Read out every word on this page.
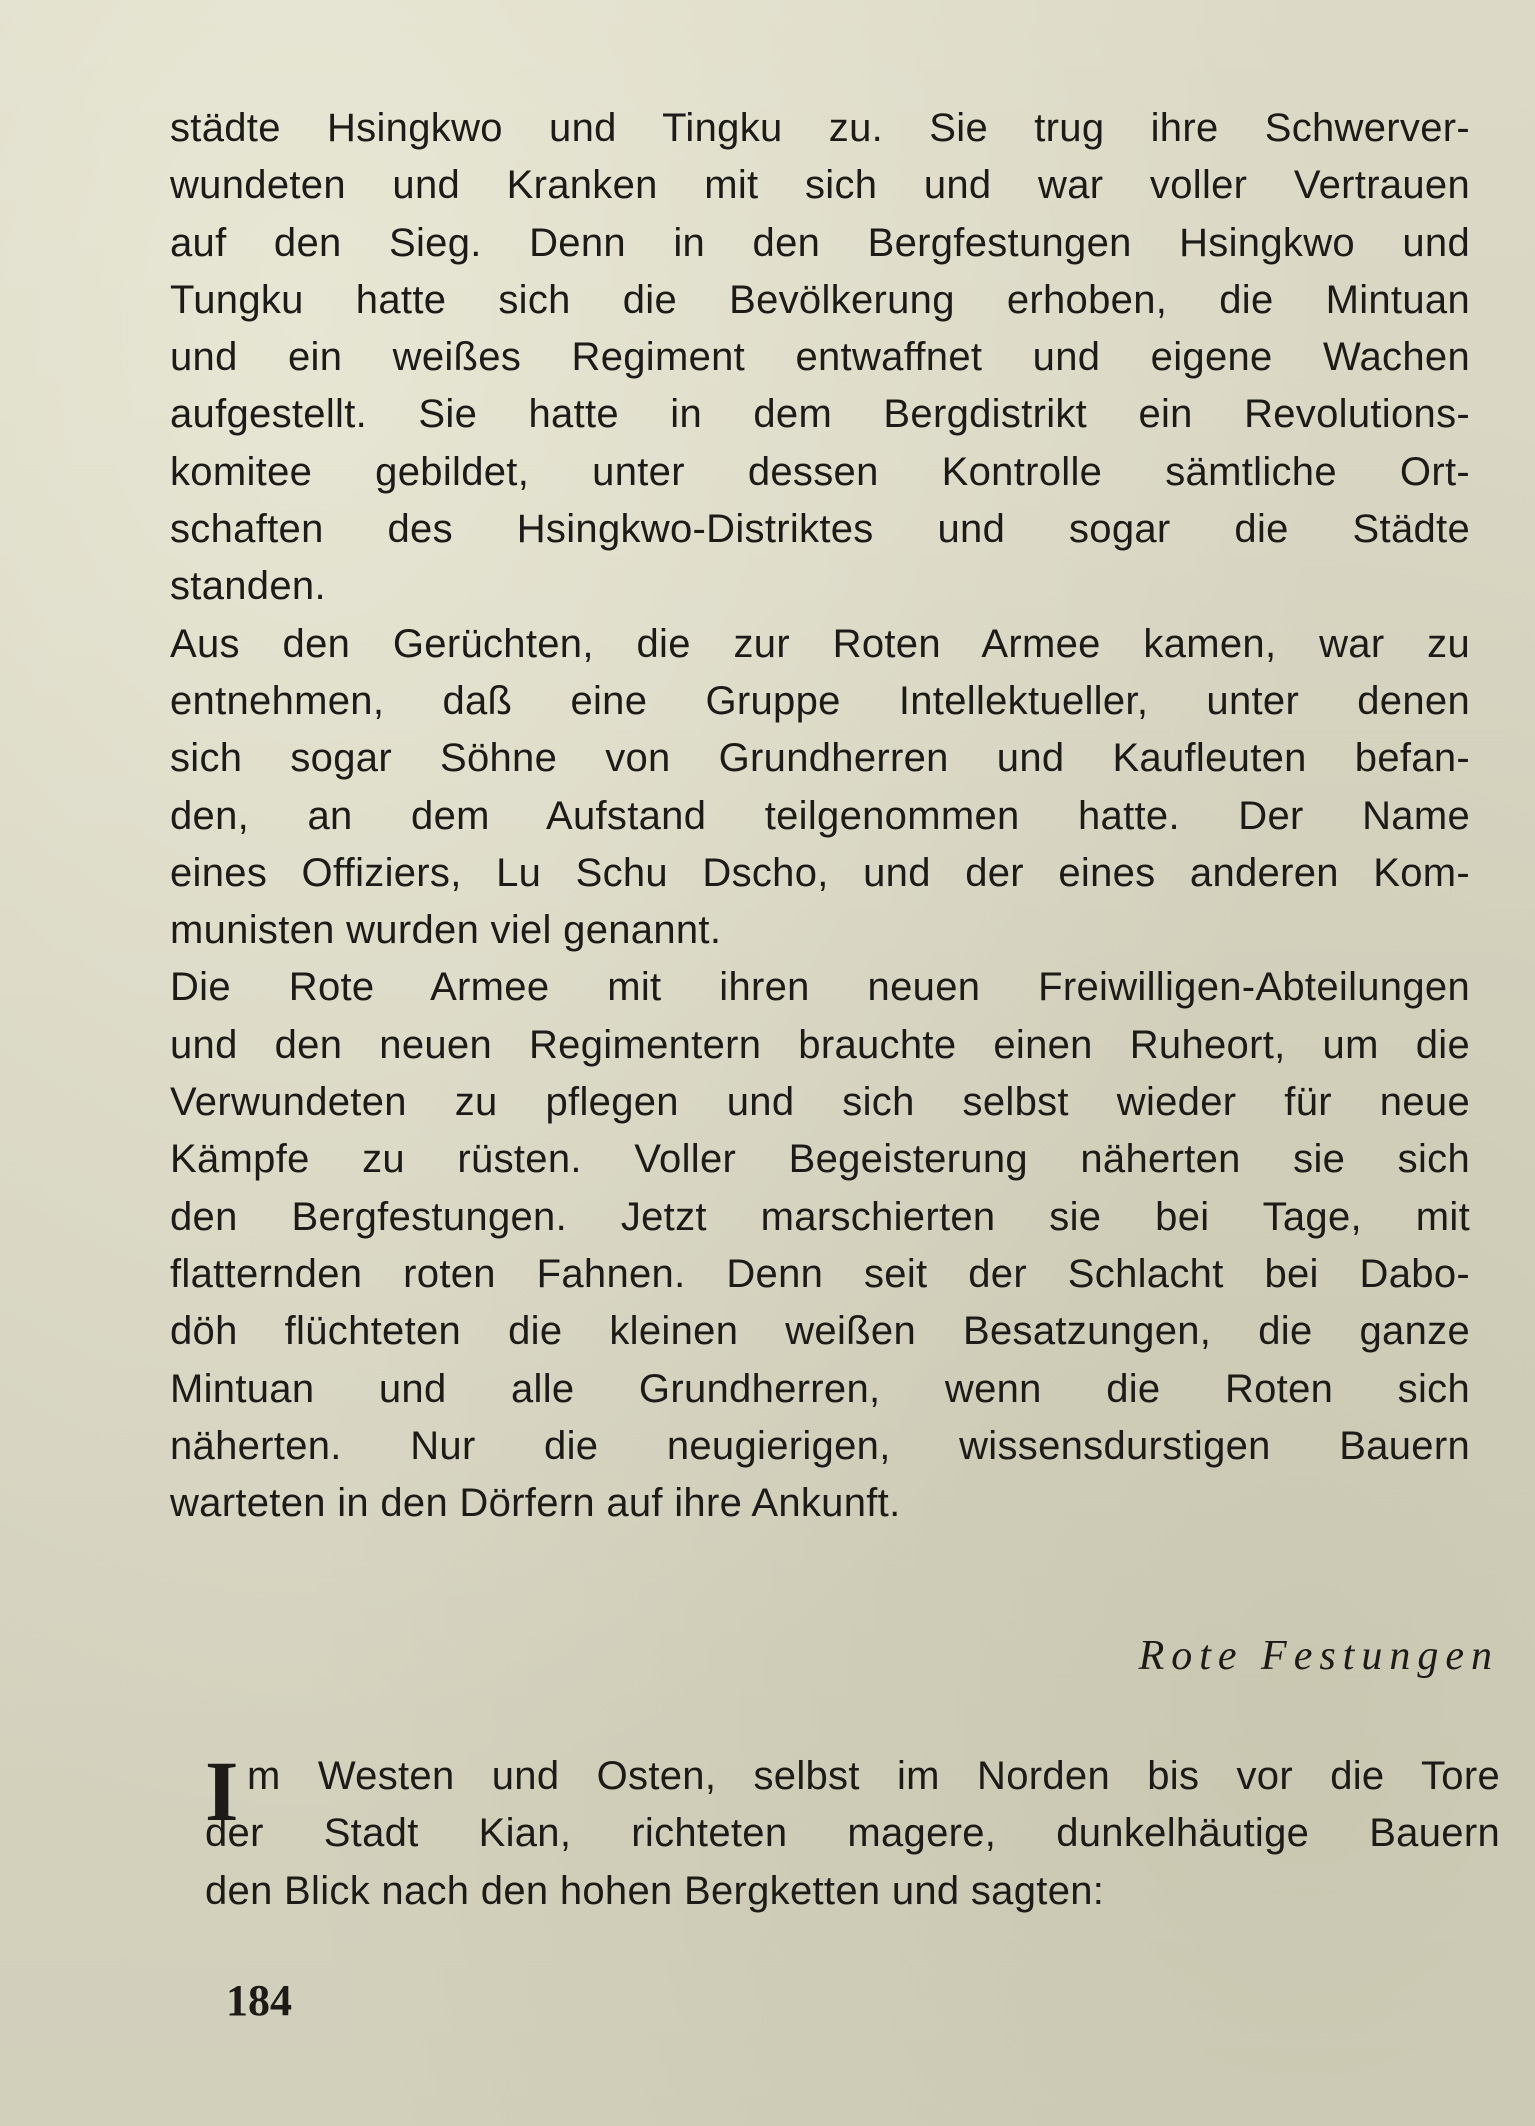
städte Hsingkwo und Tingku zu. Sie trug ihre Schwerver-
wundeten und Kranken mit sich und war voller Vertrauen
auf den Sieg. Denn in den Bergfestungen Hsingkwo und
Tungku hatte sich die Bevölkerung erhoben, die Mintuan
und ein weißes Regiment entwaffnet und eigene Wachen
aufgestellt. Sie hatte in dem Bergdistrikt ein Revolutions-
komitee gebildet, unter dessen Kontrolle sämtliche Ort-
schaften des Hsingkwo-Distriktes und sogar die Städte
standen.
Aus den Gerüchten, die zur Roten Armee kamen, war zu
entnehmen, daß eine Gruppe Intellektueller, unter denen
sich sogar Söhne von Grundherren und Kaufleuten befan-
den, an dem Aufstand teilgenommen hatte. Der Name
eines Offiziers, Lu Schu Dscho, und der eines anderen Kom-
munisten wurden viel genannt.
Die Rote Armee mit ihren neuen Freiwilligen-Abteilungen
und den neuen Regimentern brauchte einen Ruheort, um die
Verwundeten zu pflegen und sich selbst wieder für neue
Kämpfe zu rüsten. Voller Begeisterung näherten sie sich
den Bergfestungen. Jetzt marschierten sie bei Tage, mit
flatternden roten Fahnen. Denn seit der Schlacht bei Dabo-
döh flüchteten die kleinen weißen Besatzungen, die ganze
Mintuan und alle Grundherren, wenn die Roten sich
näherten. Nur die neugierigen, wissensdurstigen Bauern
warteten in den Dörfern auf ihre Ankunft.
Rote Festungen
I m Westen und Osten, selbst im Norden bis vor die Tore
der Stadt Kian, richteten magere, dunkelhäutige Bauern
den Blick nach den hohen Bergketten und sagten:
184
